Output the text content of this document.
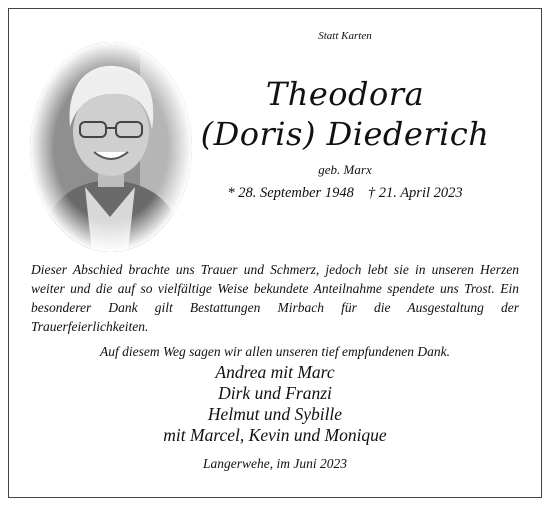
Statt Karten
Theodora
(Doris) Diederich
geb. Marx
* 28. September 1948 † 21. April 2023

Dieser Abschied brachte uns Trauer und Schmerz, jedoch lebt sie in unseren Herzen weiter und die auf so vielfältige Weise bekundete Anteilnahme spendete uns Trost. Ein besonderer Dank gilt Bestattungen Mirbach für die Ausgestaltung der Trauerfeierlichkeiten.

Auf diesem Weg sagen wir allen unseren tief empfundenen Dank.

Andrea mit Marc
Dirk und Franzi
Helmut und Sybille
mit Marcel, Kevin und Monique

Langerwehe, im Juni 2023
